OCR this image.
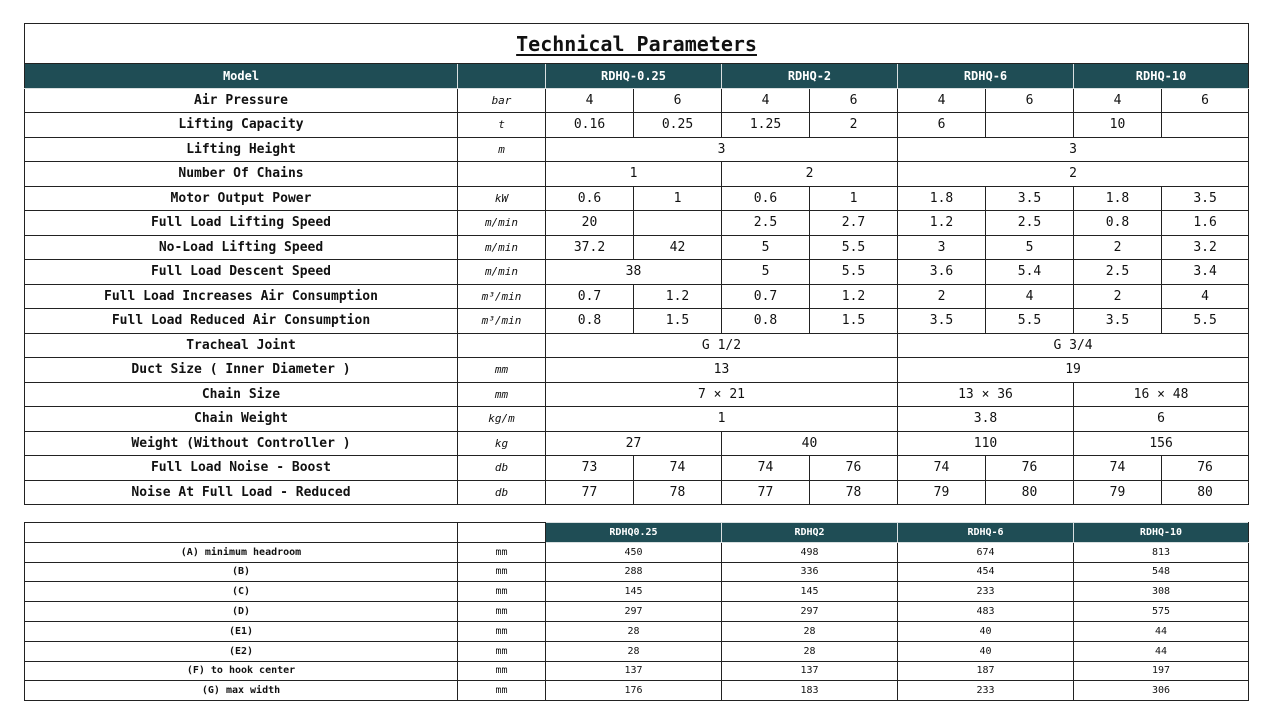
Technical Parameters									
Model		RDHQ-0.25		RDHQ-2		RDHQ-6		RDHQ-10	
Air Pressure	bar	4	6	4	6	4	6	4	6
Lifting Capacity	t	0.16	0.25	1.25	2	6		10	
Lifting Height	m	3				3			
Number Of Chains		1		2		2			
Motor Output Power	kW	0.6	1	0.6	1	1.8	3.5	1.8	3.5
Full Load Lifting Speed	m/min	20		2.5	2.7	1.2	2.5	0.8	1.6
No-Load Lifting Speed	m/min	37.2	42	5	5.5	3	5	2	3.2
Full Load Descent Speed	m/min	38		5	5.5	3.6	5.4	2.5	3.4
Full Load Increases Air Consumption	m³/min	0.7	1.2	0.7	1.2	2	4	2	4
Full Load Reduced Air Consumption	m³/min	0.8	1.5	0.8	1.5	3.5	5.5	3.5	5.5
Tracheal Joint		G 1/2				G 3/4			
Duct Size ( Inner Diameter )	mm	13				19			
Chain Size	mm	7 × 21				13 × 36		16 × 48	
Chain Weight	kg/m	1				3.8		6	
Weight (Without Controller )	kg	27		40		110		156	
Full Load Noise - Boost	db	73	74	74	76	74	76	74	76
Noise At Full Load - Reduced	db	77	78	77	78	79	80	79	80
		RDHQ0.25	RDHQ2	RDHQ-6	RDHQ-10
(A) minimum headroom	mm	450	498	674	813
(B)	mm	288	336	454	548
(C)	mm	145	145	233	308
(D)	mm	297	297	483	575
(E1)	mm	28	28	40	44
(E2)	mm	28	28	40	44
(F) to hook center	mm	137	137	187	197
(G) max width	mm	176	183	233	306
